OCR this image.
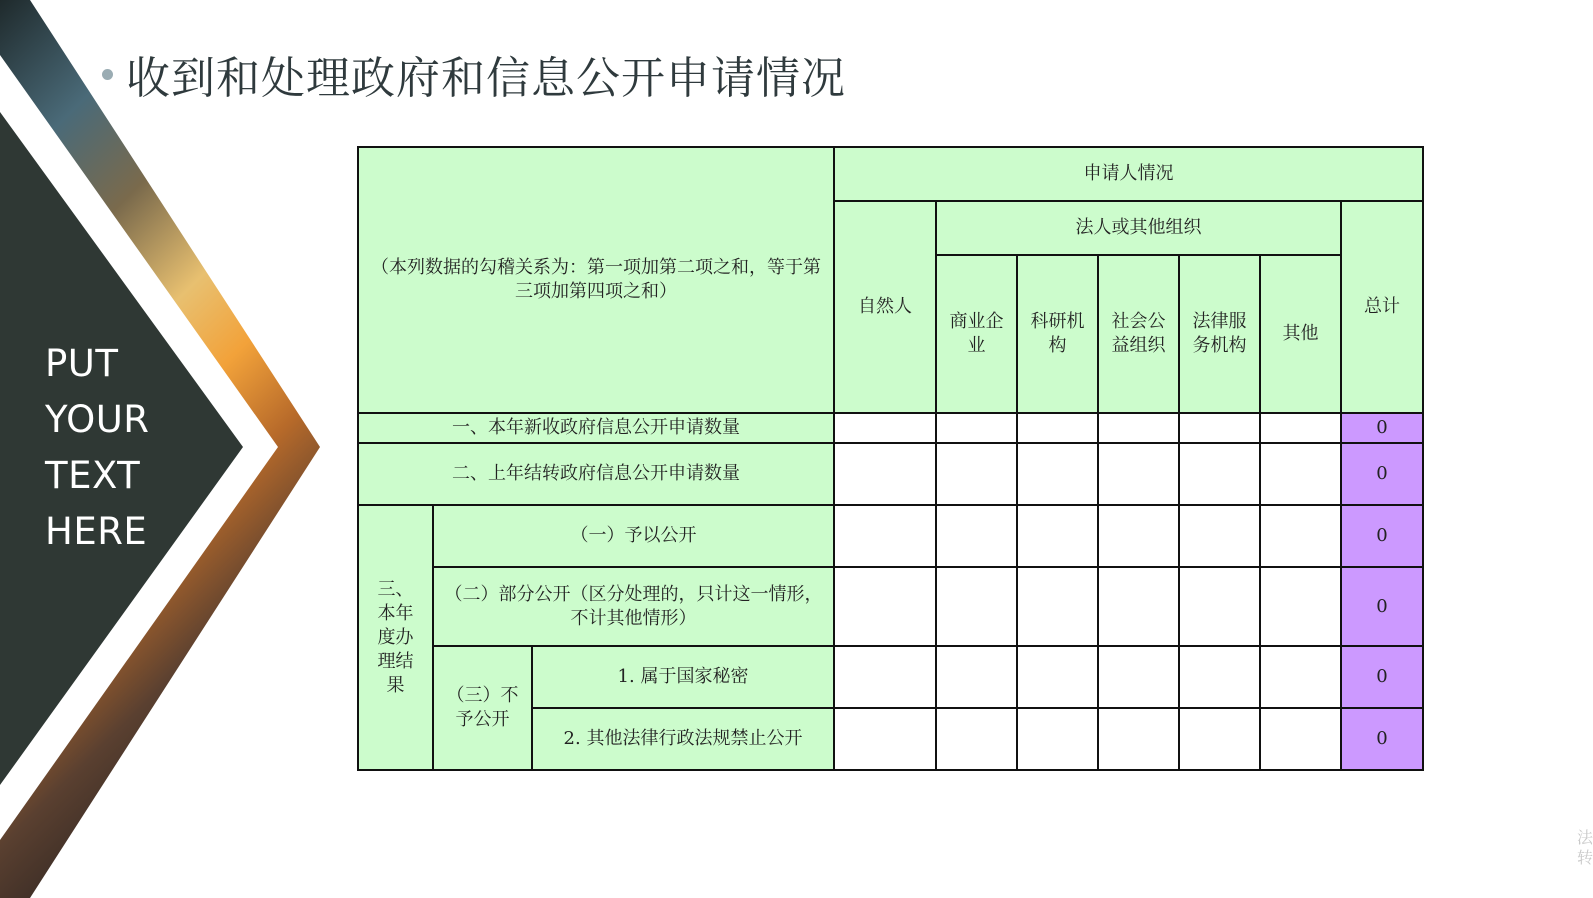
PUT
YOUR
TEXT
HERE
收到和处理政府和信息公开申请情况
（本列数据的勾稽关系为：第一项加第二项之和，等于第三项加第四项之和）			申请人情况						
			自然人	法人或其他组织					总计
				商业企业	科研机构	社会公益组织	法律服务机构	其他	
一、本年新收政府信息公开申请数量									0
二、上年结转政府信息公开申请数量									0
三、本年度办理结果	（一）予以公开								0
	（二）部分公开（区分处理的，只计这一情形，不计其他情形）								0
	（三）不予公开	1. 属于国家秘密							0
		2. 其他法律行政法规禁止公开							0
法 转
